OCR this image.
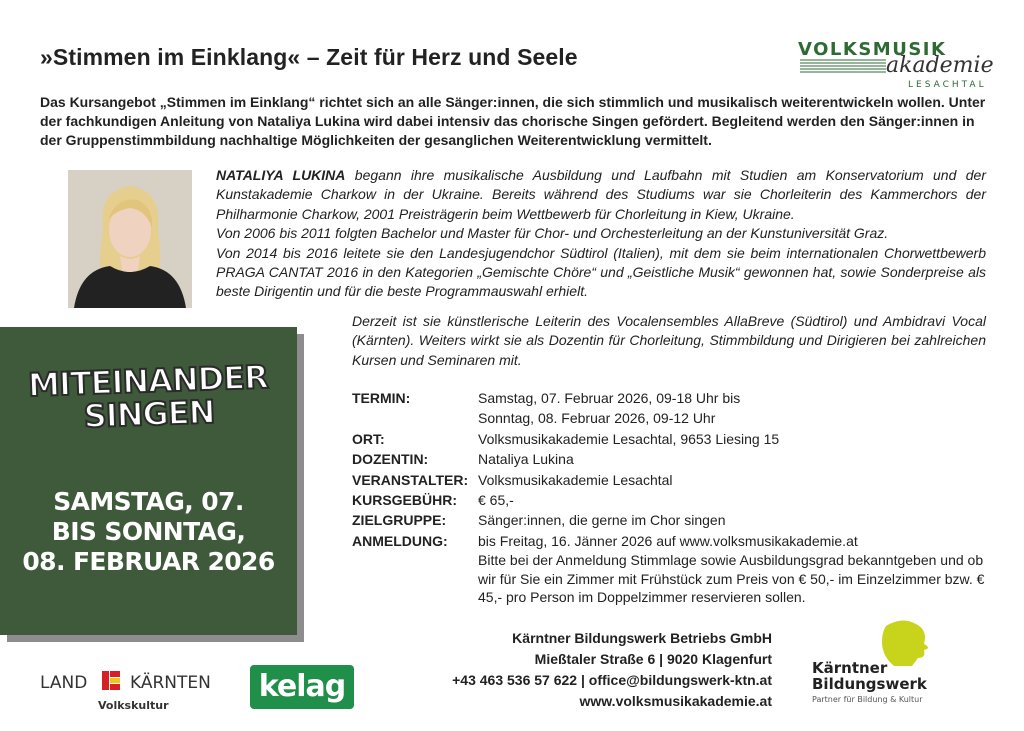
»Stimmen im Einklang« – Zeit für Herz und Seele	VOLKSMUSIK
akademie
LESACHTAL
Das Kursangebot „Stimmen im Einklang“ richtet sich an alle Sänger:innen, die sich stimmlich und musikalisch weiterentwickeln wollen. Unter der fachkundigen Anleitung von Nataliya Lukina wird dabei intensiv das chorische Singen gefördert. Begleitend werden den Sänger:innen in der Gruppenstimmbildung nachhaltige Möglichkeiten der gesanglichen Weiterentwicklung vermittelt.
NATALIYA LUKINA begann ihre musikalische Ausbildung und Laufbahn mit Studien am Konservatorium und der Kunstakademie Charkow in der Ukraine. Bereits während des Studiums war sie Chorleiterin des Kammerchors der Philharmonie Charkow, 2001 Preisträgerin beim Wettbewerb für Chorleitung in Kiew, Ukraine.
Von 2006 bis 2011 folgten Bachelor und Master für Chor- und Orchesterleitung an der Kunstuniversität Graz.
Von 2014 bis 2016 leitete sie den Landesjugendchor Südtirol (Italien), mit dem sie beim internationalen Chorwettbewerb PRAGA CANTAT 2016 in den Kategorien „Gemischte Chöre“ und „Geistliche Musik“ gewonnen hat, sowie Sonderpreise als beste Dirigentin und für die beste Programmauswahl erhielt.
Derzeit ist sie künstlerische Leiterin des Vocalensembles AllaBreve (Südtirol) und Ambidravi Vocal (Kärnten). Weiters wirkt sie als Dozentin für Chorleitung, Stimmbildung und Dirigieren bei zahlreichen Kursen und Seminaren mit.
MITEINANDER
SINGEN
SAMSTAG, 07.
BIS SONNTAG,
08. FEBRUAR 2026
TERMIN:	Samstag, 07. Februar 2026, 09-18 Uhr bis
Sonntag, 08. Februar 2026, 09-12 Uhr
ORT:	Volksmusikakademie Lesachtal, 9653 Liesing 15
DOZENTIN:	Nataliya Lukina
VERANSTALTER: Volksmusikakademie Lesachtal
KURSGEBÜHR:	€ 65,-
ZIELGRUPPE:	Sänger:innen, die gerne im Chor singen
ANMELDUNG:	bis Freitag, 16. Jänner 2026 auf www.volksmusikakademie.at
Bitte bei der Anmeldung Stimmlage sowie Ausbildungsgrad bekanntgeben und ob wir für Sie ein Zimmer mit Frühstück zum Preis von € 50,- im Einzelzimmer bzw. € 45,- pro Person im Doppelzimmer reservieren sollen.
Kärntner Bildungswerk Betriebs GmbH
Mießtaler Straße 6 | 9020 Klagenfurt
+43 463 536 57 622 | office@bildungswerk-ktn.at
www.volksmusikakademie.at
LAND	KÄRNTEN
Volkskultur
kelag
Kärntner
Bildungswerk
Partner für Bildung & Kultur
